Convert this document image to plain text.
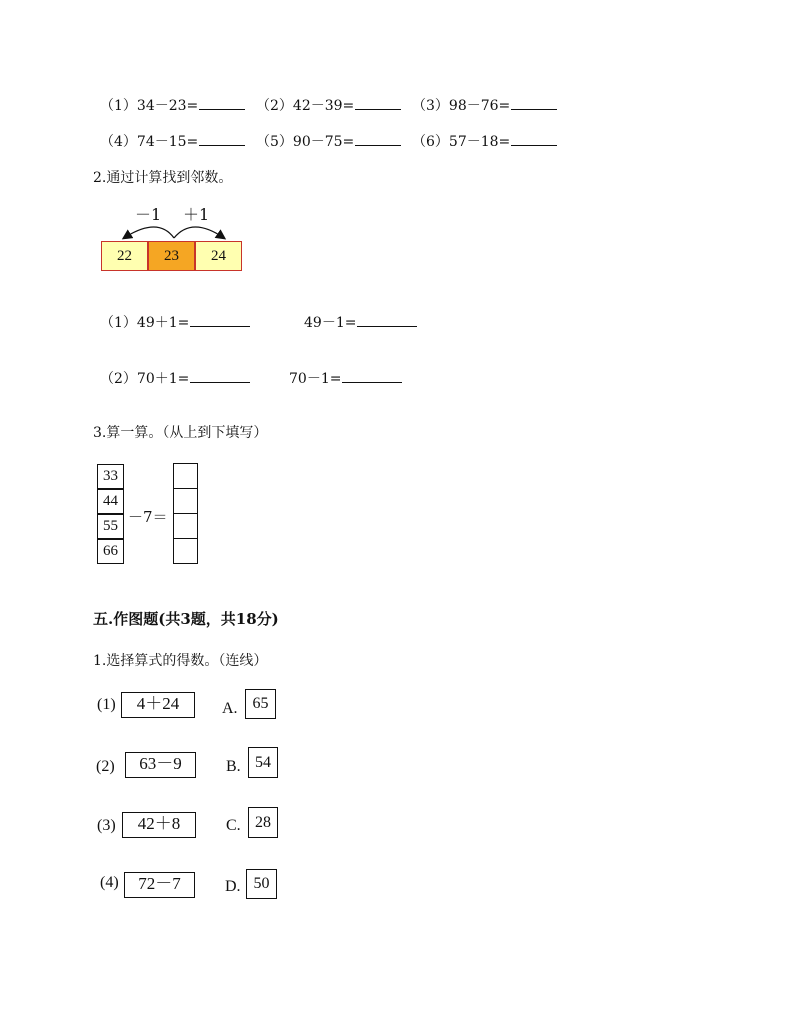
（1）34－23=	（2）42－39=	（3）98－76=
（4）74－15=	（5）90－75=	（6）57－18=
2.通过计算找到邻数。
－1 ＋1
22	23	24
（1）49＋1=	49－1=
（2）70＋1=	70－1=
3.算一算。（从上到下填写）
33
44
55
66
－7＝
五.作图题(共3题，共18分)
1.选择算式的得数。（连线）
(1)	4＋24	A. 65
(2)	63－9	B. 54
(3)	42＋8	C. 28
(4)	72－7	D. 50
